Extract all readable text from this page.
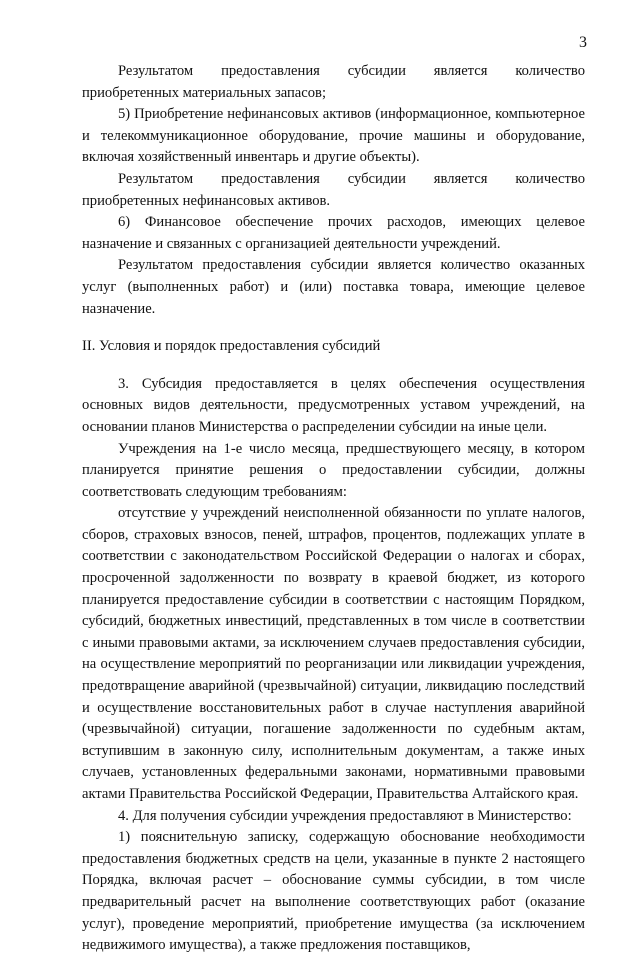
3

Результатом предоставления субсидии является количество приобретенных материальных запасов;

5) Приобретение нефинансовых активов (информационное, компьютерное и телекоммуникационное оборудование, прочие машины и оборудование, включая хозяйственный инвентарь и другие объекты).

Результатом предоставления субсидии является количество приобретенных нефинансовых активов.

6) Финансовое обеспечение прочих расходов, имеющих целевое назначение и связанных с организацией деятельности учреждений.

Результатом предоставления субсидии является количество оказанных услуг (выполненных работ) и (или) поставка товара, имеющие целевое назначение.

II. Условия и порядок предоставления субсидий

3. Субсидия предоставляется в целях обеспечения осуществления основных видов деятельности, предусмотренных уставом учреждений, на основании планов Министерства о распределении субсидии на иные цели.

Учреждения на 1-е число месяца, предшествующего месяцу, в котором планируется принятие решения о предоставлении субсидии, должны соответствовать следующим требованиям:

отсутствие у учреждений неисполненной обязанности по уплате налогов, сборов, страховых взносов, пеней, штрафов, процентов, подлежащих уплате в соответствии с законодательством Российской Федерации о налогах и сборах, просроченной задолженности по возврату в краевой бюджет, из которого планируется предоставление субсидии в соответствии с настоящим Порядком, субсидий, бюджетных инвестиций, представленных в том числе в соответствии с иными правовыми актами, за исключением случаев предоставления субсидии, на осуществление мероприятий по реорганизации или ликвидации учреждения, предотвращение аварийной (чрезвычайной) ситуации, ликвидацию последствий и осуществление восстановительных работ в случае наступления аварийной (чрезвычайной) ситуации, погашение задолженности по судебным актам, вступившим в законную силу, исполнительным документам, а также иных случаев, установленных федеральными законами, нормативными правовыми актами Правительства Российской Федерации, Правительства Алтайского края.

4. Для получения субсидии учреждения предоставляют в Министерство:

1) пояснительную записку, содержащую обоснование необходимости предоставления бюджетных средств на цели, указанные в пункте 2 настоящего Порядка, включая расчет – обоснование суммы субсидии, в том числе предварительный расчет на выполнение соответствующих работ (оказание услуг), проведение мероприятий, приобретение имущества (за исключением недвижимого имущества), а также предложения поставщиков,
